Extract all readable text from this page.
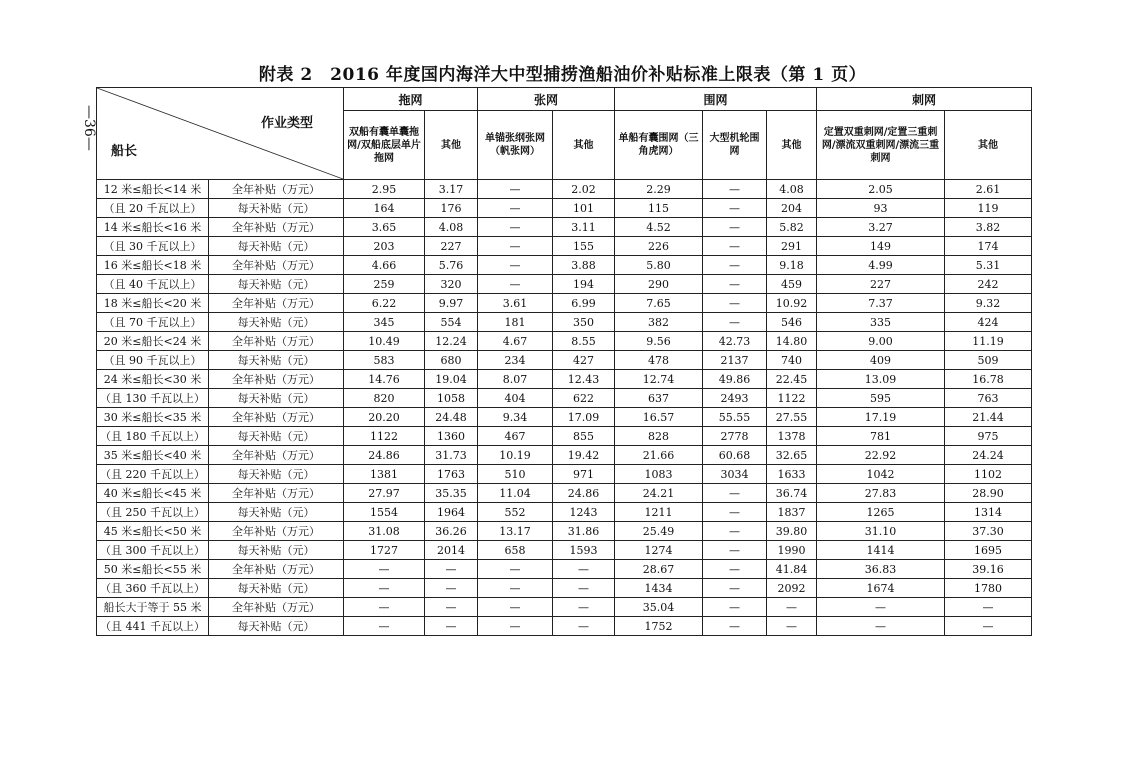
附表 2　2016 年度国内海洋大中型捕捞渔船油价补贴标准上限表（第 1 页）
—36—	作业类型
船长		拖网		张网		围网			刺网	
		双船有囊单囊拖网/双船底层单片拖网	其他	单锚张纲张网（帆张网）	其他	单船有囊围网（三角虎网）	大型机轮围网	其他	定置双重刺网/定置三重刺网/漂流双重刺网/漂流三重刺网	其他
12 米≤船长<14 米	全年补贴（万元）	2.95	3.17	—	2.02	2.29	—	4.08	2.05	2.61
（且 20 千瓦以上）	每天补贴（元）	164	176	—	101	115	—	204	93	119
14 米≤船长<16 米	全年补贴（万元）	3.65	4.08	—	3.11	4.52	—	5.82	3.27	3.82
（且 30 千瓦以上）	每天补贴（元）	203	227	—	155	226	—	291	149	174
16 米≤船长<18 米	全年补贴（万元）	4.66	5.76	—	3.88	5.80	—	9.18	4.99	5.31
（且 40 千瓦以上）	每天补贴（元）	259	320	—	194	290	—	459	227	242
18 米≤船长<20 米	全年补贴（万元）	6.22	9.97	3.61	6.99	7.65	—	10.92	7.37	9.32
（且 70 千瓦以上）	每天补贴（元）	345	554	181	350	382	—	546	335	424
20 米≤船长<24 米	全年补贴（万元）	10.49	12.24	4.67	8.55	9.56	42.73	14.80	9.00	11.19
（且 90 千瓦以上）	每天补贴（元）	583	680	234	427	478	2137	740	409	509
24 米≤船长<30 米	全年补贴（万元）	14.76	19.04	8.07	12.43	12.74	49.86	22.45	13.09	16.78
（且 130 千瓦以上）	每天补贴（元）	820	1058	404	622	637	2493	1122	595	763
30 米≤船长<35 米	全年补贴（万元）	20.20	24.48	9.34	17.09	16.57	55.55	27.55	17.19	21.44
（且 180 千瓦以上）	每天补贴（元）	1122	1360	467	855	828	2778	1378	781	975
35 米≤船长<40 米	全年补贴（万元）	24.86	31.73	10.19	19.42	21.66	60.68	32.65	22.92	24.24
（且 220 千瓦以上）	每天补贴（元）	1381	1763	510	971	1083	3034	1633	1042	1102
40 米≤船长<45 米	全年补贴（万元）	27.97	35.35	11.04	24.86	24.21	—	36.74	27.83	28.90
（且 250 千瓦以上）	每天补贴（元）	1554	1964	552	1243	1211	—	1837	1265	1314
45 米≤船长<50 米	全年补贴（万元）	31.08	36.26	13.17	31.86	25.49	—	39.80	31.10	37.30
（且 300 千瓦以上）	每天补贴（元）	1727	2014	658	1593	1274	—	1990	1414	1695
50 米≤船长<55 米	全年补贴（万元）	—	—	—	—	28.67	—	41.84	36.83	39.16
（且 360 千瓦以上）	每天补贴（元）	—	—	—	—	1434	—	2092	1674	1780
船长大于等于 55 米	全年补贴（万元）	—	—	—	—	35.04	—	—	—	—
（且 441 千瓦以上）	每天补贴（元）	—	—	—	—	1752	—	—	—	—
